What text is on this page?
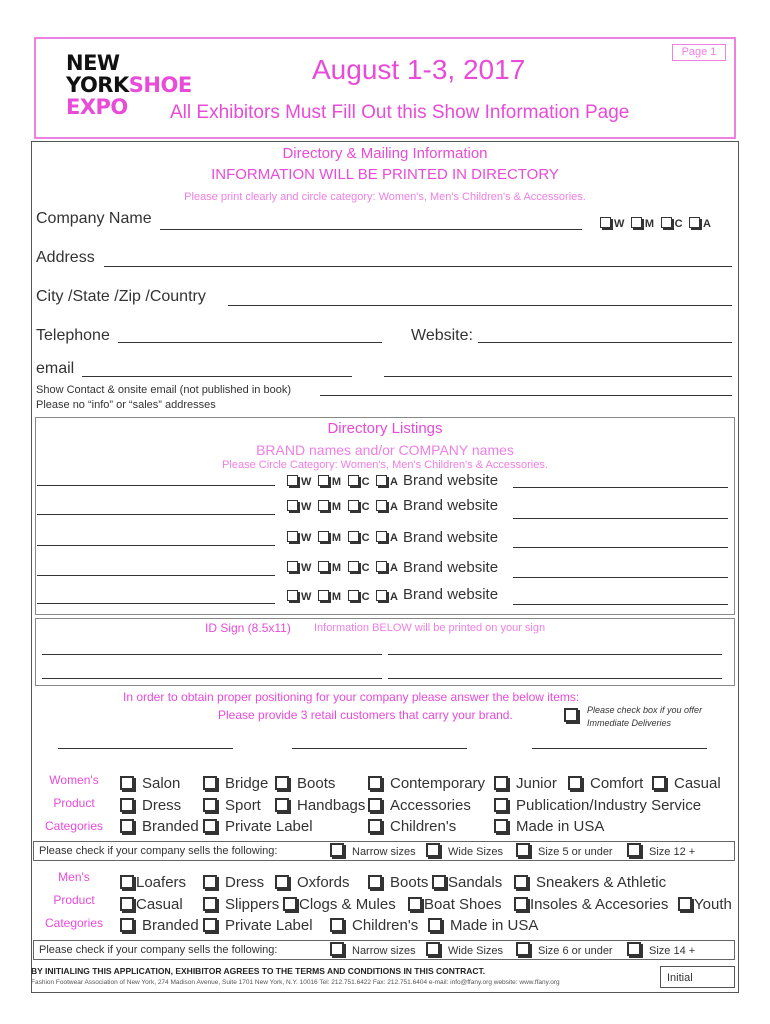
NEW
YORKSHOE
EXPO
Page 1
August 1-3, 2017
All Exhibitors Must Fill Out this Show Information Page
Directory & Mailing Information
INFORMATION WILL BE PRINTED IN DIRECTORY
Please print clearly and circle category: Women's, Men's Children's & Accessories.
Company Name	W M C A
Address
City /State /Zip /Country
Telephone	Website:
email
Show Contact & onsite email (not published in book)
Please no “info” or “sales” addresses
Directory Listings
BRAND names and/or COMPANY names
Please Circle Category: Women's, Men's Children's & Accessories.
W M C A Brand website
W M C A Brand website
W M C A Brand website
W M C A Brand website
W M C A Brand website
ID Sign (8.5x11) Information BELOW will be printed on your sign
In order to obtain proper positioning for your company please answer the below items:
Please provide 3 retail customers that carry your brand.	Please check box if you offer
Immediate Deliveries
Women's
Product
Categories
Salon	Bridge	Boots	Contemporary	Junior	Comfort	Casual
Dress	Sport	Handbags	Accessories	Publication/Industry Service
Branded	Private Label	Children's	Made in USA
Please check if your company sells the following:	Narrow sizes	Wide Sizes	Size 5 or under	Size 12 +
Men's
Product
Categories
Loafers	Dress	Oxfords	Boots	Sandals	Sneakers & Athletic
Casual	Slippers	Clogs & Mules	Boat Shoes	Insoles & Accesories	Youth
Branded	Private Label	Children's	Made in USA
Please check if your company sells the following:	Narrow sizes	Wide Sizes	Size 6 or under	Size 14 +
BY INITIALING THIS APPLICATION, EXHIBITOR AGREES TO THE TERMS AND CONDITIONS IN THIS CONTRACT.
Fashion Footwear Association of New York, 274 Madison Avenue, Suite 1701 New York, N.Y. 10016 Tel: 212.751.6422 Fax: 212.751.6404 e-mail: info@ffany.org website: www.ffany.org	Initial
